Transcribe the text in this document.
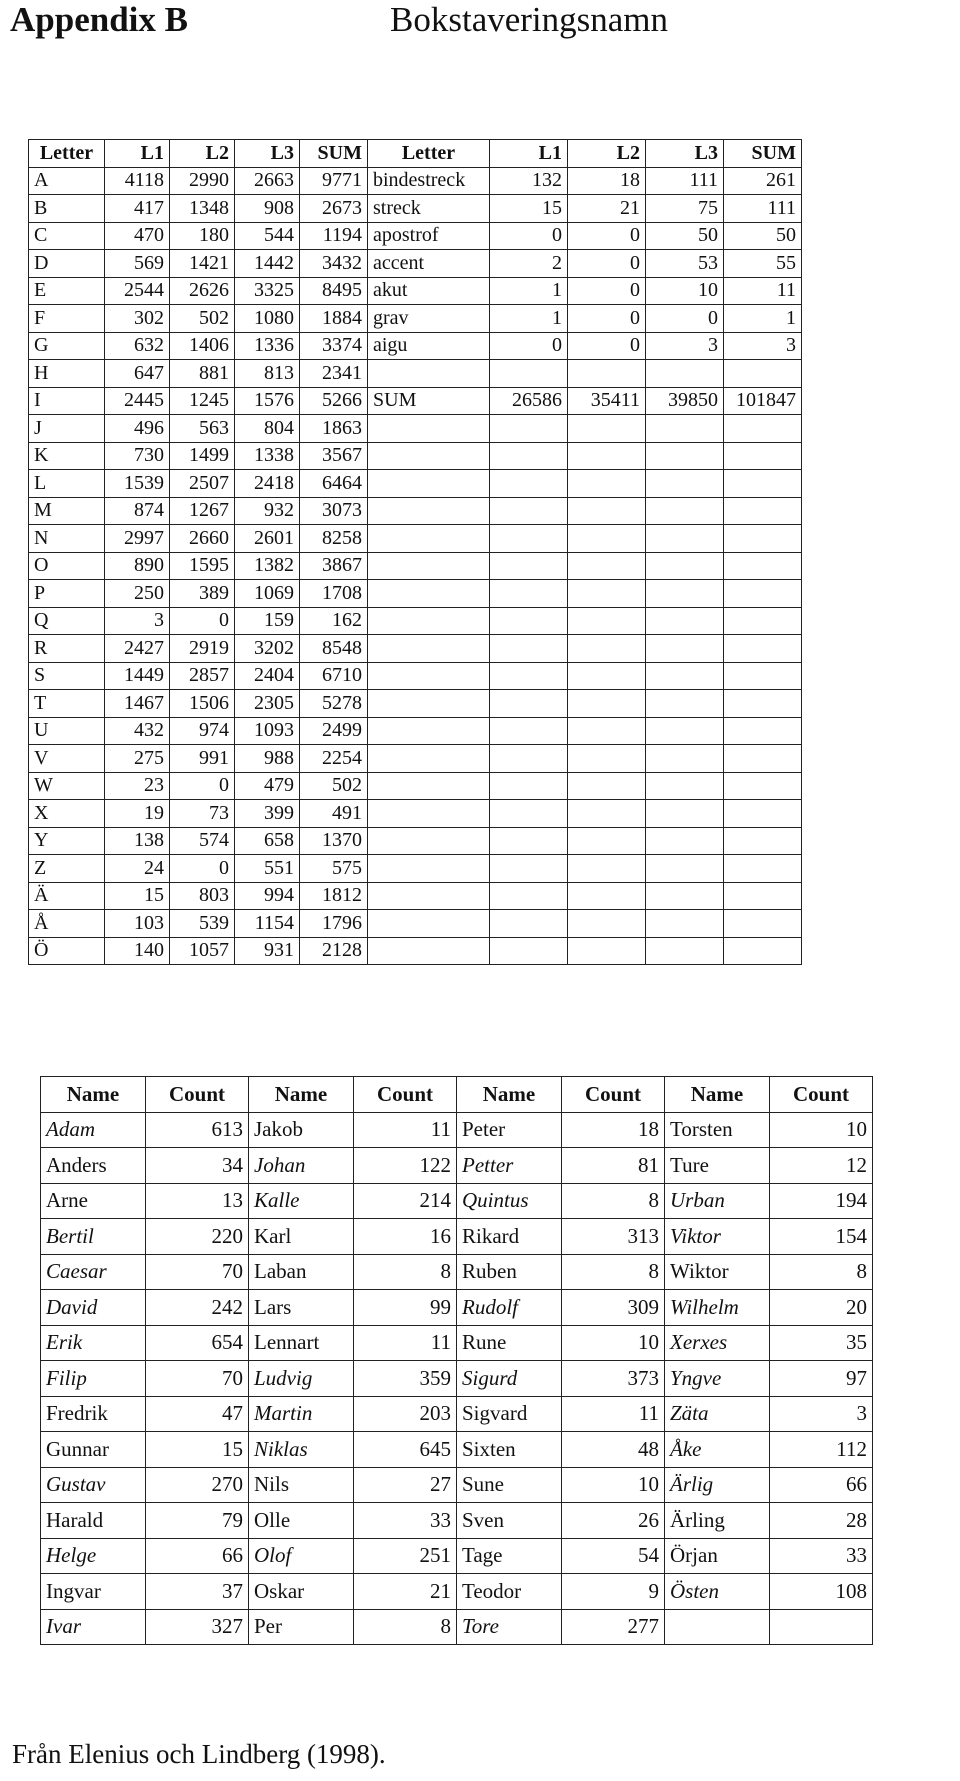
Appendix B	Bokstaveringsnamn
Letter	L1	L2	L3	SUM	Letter	L1	L2	L3	SUM
A	4118	2990	2663	9771	bindestreck	132	18	111	261
B	417	1348	908	2673	streck	15	21	75	111
C	470	180	544	1194	apostrof	0	0	50	50
D	569	1421	1442	3432	accent	2	0	53	55
E	2544	2626	3325	8495	akut	1	0	10	11
F	302	502	1080	1884	grav	1	0	0	1
G	632	1406	1336	3374	aigu	0	0	3	3
H	647	881	813	2341					
I	2445	1245	1576	5266	SUM	26586	35411	39850	101847
J	496	563	804	1863					
K	730	1499	1338	3567					
L	1539	2507	2418	6464					
M	874	1267	932	3073					
N	2997	2660	2601	8258					
O	890	1595	1382	3867					
P	250	389	1069	1708					
Q	3	0	159	162					
R	2427	2919	3202	8548					
S	1449	2857	2404	6710					
T	1467	1506	2305	5278					
U	432	974	1093	2499					
V	275	991	988	2254					
W	23	0	479	502					
X	19	73	399	491					
Y	138	574	658	1370					
Z	24	0	551	575					
Ä	15	803	994	1812					
Å	103	539	1154	1796					
Ö	140	1057	931	2128					
Name	Count	Name	Count	Name	Count	Name	Count
Adam	613	Jakob	11	Peter	18	Torsten	10
Anders	34	Johan	122	Petter	81	Ture	12
Arne	13	Kalle	214	Quintus	8	Urban	194
Bertil	220	Karl	16	Rikard	313	Viktor	154
Caesar	70	Laban	8	Ruben	8	Wiktor	8
David	242	Lars	99	Rudolf	309	Wilhelm	20
Erik	654	Lennart	11	Rune	10	Xerxes	35
Filip	70	Ludvig	359	Sigurd	373	Yngve	97
Fredrik	47	Martin	203	Sigvard	11	Zäta	3
Gunnar	15	Niklas	645	Sixten	48	Åke	112
Gustav	270	Nils	27	Sune	10	Ärlig	66
Harald	79	Olle	33	Sven	26	Ärling	28
Helge	66	Olof	251	Tage	54	Örjan	33
Ingvar	37	Oskar	21	Teodor	9	Östen	108
Ivar	327	Per	8	Tore	277		
Från Elenius och Lindberg (1998).
